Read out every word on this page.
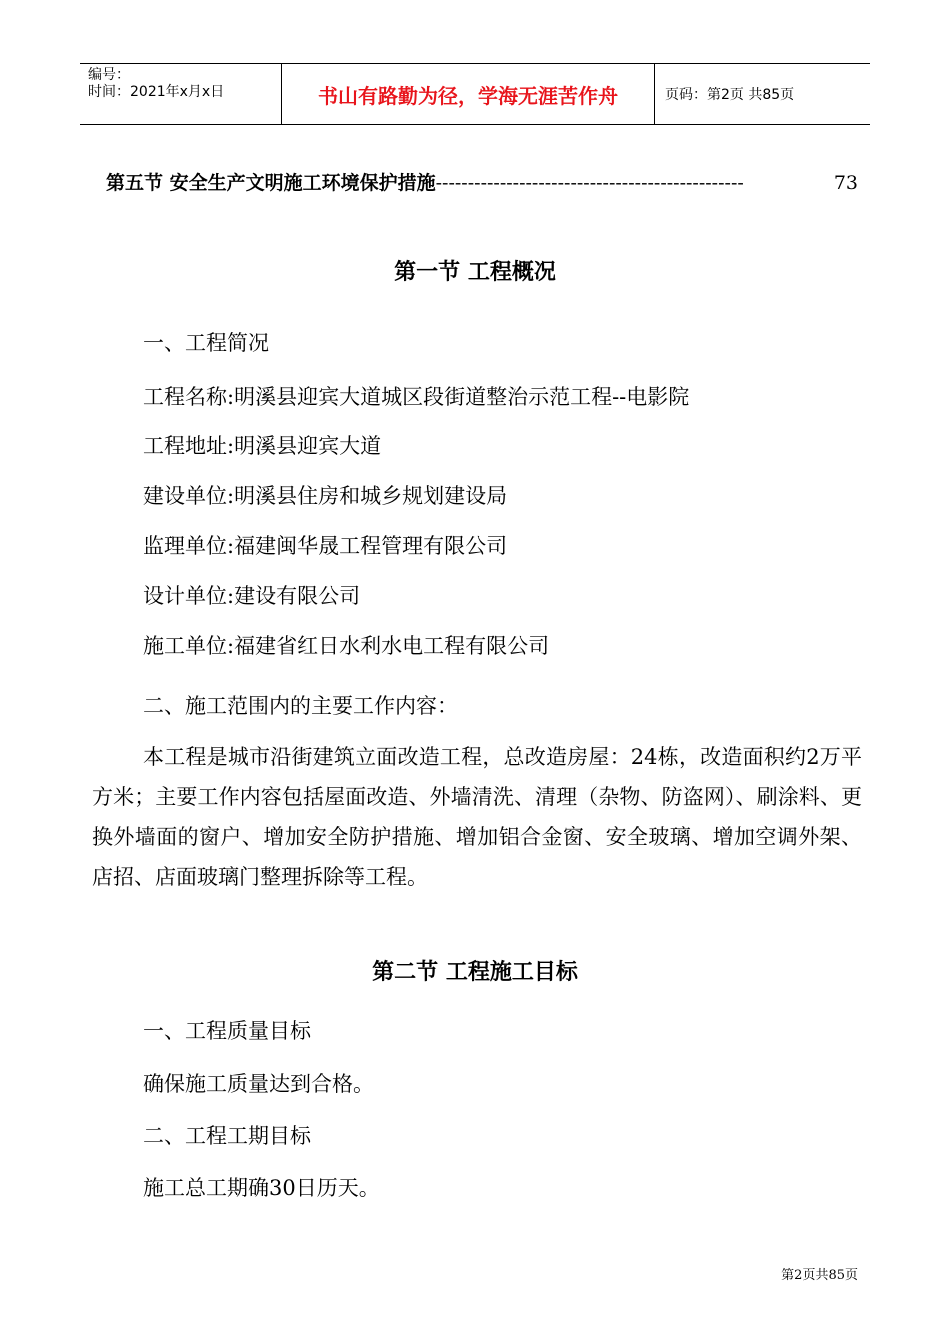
编号：
时间：2021年x月x日	书山有路勤为径，学海无涯苦作舟	页码：第2页 共85页
第五节 安全生产文明施工环境保护措施 ------------------------------------------------	73
第一节 工程概况
一、工程简况
工程名称:明溪县迎宾大道城区段街道整治示范工程--电影院
工程地址:明溪县迎宾大道
建设单位:明溪县住房和城乡规划建设局
监理单位:福建闽华晟工程管理有限公司
设计单位:建设有限公司
施工单位:福建省红日水利水电工程有限公司
二、施工范围内的主要工作内容：
本工程是城市沿街建筑立面改造工程，总改造房屋：24栋，改造面积约2万平方米；主要工作内容包括屋面改造、外墙清洗、清理（杂物、防盗网）、刷涂料、更换外墙面的窗户、增加安全防护措施、增加铝合金窗、安全玻璃、增加空调外架、店招、店面玻璃门整理拆除等工程。
第二节 工程施工目标
一、工程质量目标
确保施工质量达到合格。
二、工程工期目标
施工总工期确30日历天。
第2页共85页
